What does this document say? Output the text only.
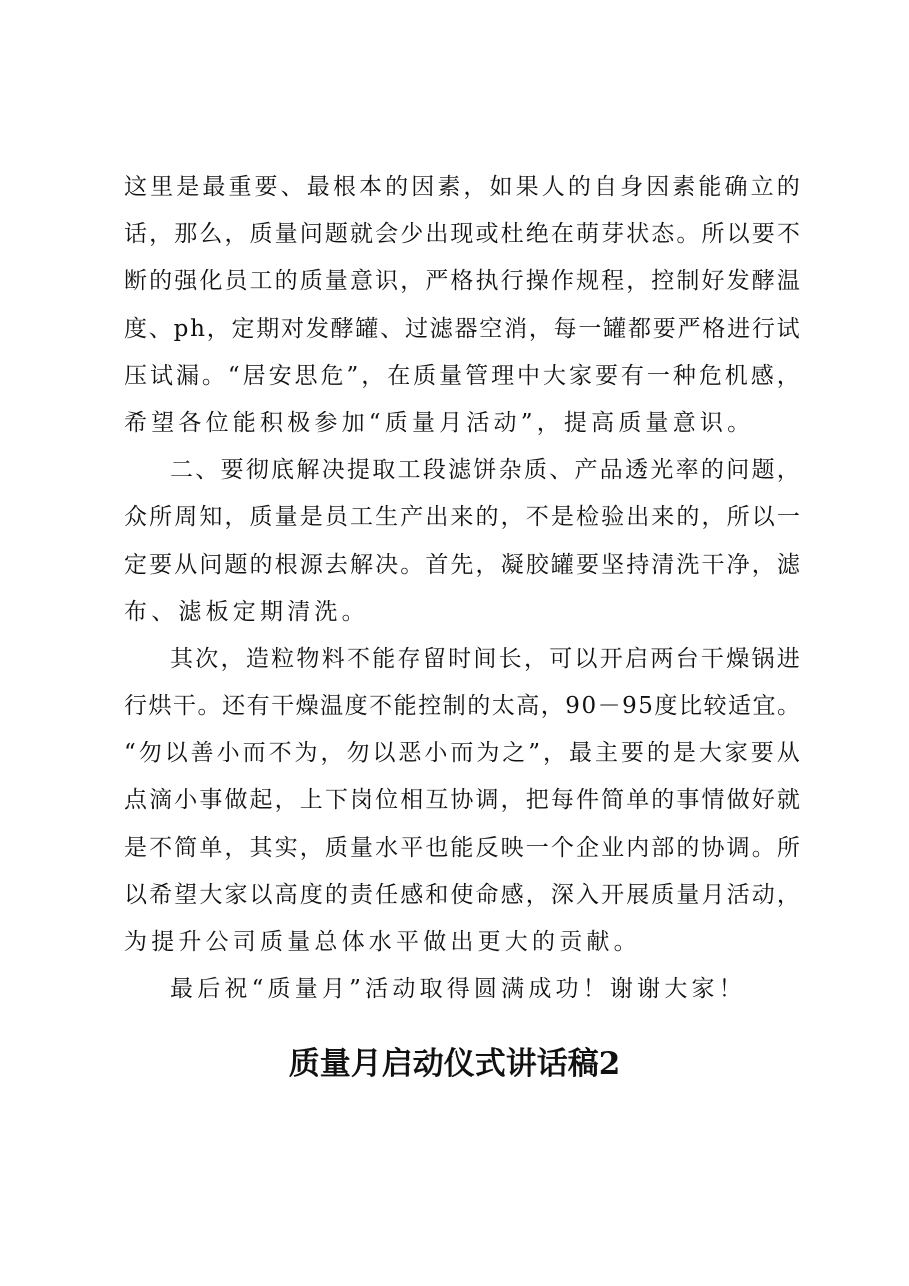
这 里 是 最 重 要 、 最 根 本 的 因 素 ， 如 果 人 的 自 身 因 素 能 确 立 的
话 ， 那 么 ， 质 量 问 题 就 会 少 出 现 或 杜 绝 在 萌 芽 状 态 。 所 以 要 不
断 的 强 化 员 工 的 质 量 意 识 ， 严 格 执 行 操 作 规 程 ， 控 制 好 发 酵 温
度 、 p h ， 定 期 对 发 酵 罐 、 过 滤 器 空 消 ， 每 一 罐 都 要 严 格 进 行 试
压 试 漏 。 “ 居 安 思 危 ” ， 在 质 量 管 理 中 大 家 要 有 一 种 危 机 感 ，
希望各位能积极参加“质量月活动”，提高质量意识。
二 、 要 彻 底 解 决 提 取 工 段 滤 饼 杂 质 、 产 品 透 光 率 的 问 题 ，
众 所 周 知 ， 质 量 是 员 工 生 产 出 来 的 ， 不 是 检 验 出 来 的 ， 所 以 一
定 要 从 问 题 的 根 源 去 解 决 。 首 先 ， 凝 胶 罐 要 坚 持 清 洗 干 净 ， 滤
布、滤板定期清洗。
其 次 ， 造 粒 物 料 不 能 存 留 时 间 长 ， 可 以 开 启 两 台 干 燥 锅 进
行 烘 干 。 还 有 干 燥 温 度 不 能 控 制 的 太 高 ， 9 0 － 9 5 度 比 较 适 宜 。
“ 勿 以 善 小 而 不 为 ， 勿 以 恶 小 而 为 之 ” ， 最 主 要 的 是 大 家 要 从
点 滴 小 事 做 起 ， 上 下 岗 位 相 互 协 调 ， 把 每 件 简 单 的 事 情 做 好 就
是 不 简 单 ， 其 实 ， 质 量 水 平 也 能 反 映 一 个 企 业 内 部 的 协 调 。 所
以 希 望 大 家 以 高 度 的 责 任 感 和 使 命 感 ， 深 入 开 展 质 量 月 活 动 ，
为提升公司质量总体水平做出更大的贡献。
最后祝“质量月”活动取得圆满成功！谢谢大家！
质量月启动仪式讲话稿2
